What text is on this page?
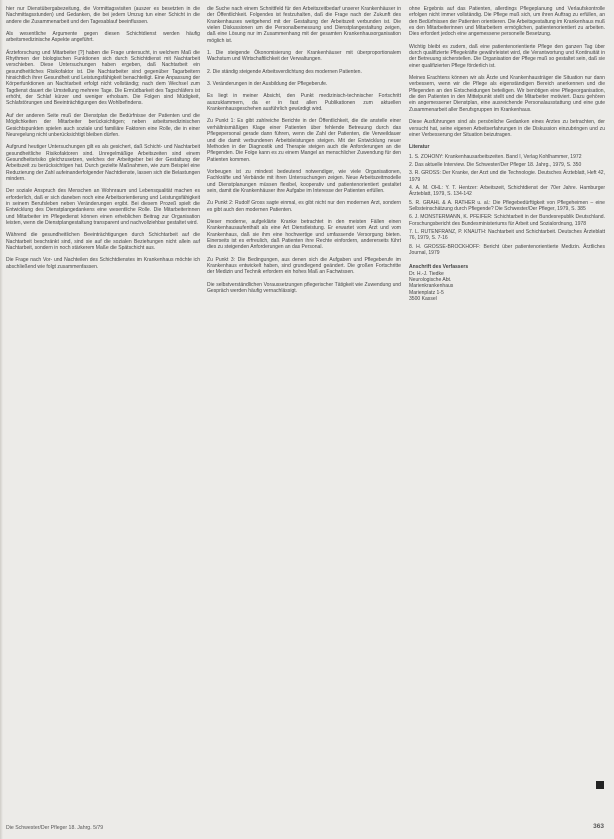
hier nur Dienstübergabezeitung, die Vormittagsvisiten (auszer es besetzten in die Nachmittagsstunden) und Gedanken, die bei jedem Umzug tun einer Schicht in die andere die Zusammenarbeit und den Tagesablauf beeinflussen.

Als wesentliche Argumente gegen diesen Schichtdienst werden häufig arbeitsmedizinische Aspekte angeführt.

Ärzteforschung und Mitarbeiter [?] haben die Frage untersucht, in welchem Maß die Rhythmen der biologischen Funktionen sich durch Schichtdienst mit Nachtarbeit verschieben. Diese Untersuchungen haben ergeben, daß Nachtarbeit ein gesundheitliches Risikofaktor ist. Die Nachtarbeiter sind gegenüber Tagarbeitern hinsichtlich ihrer Gesundheit und Leistungsfähigkeit benachteiligt. Eine Anpassung der Körperfunktionen an Nachtarbeit erfolgt nicht vollständig; nach dem Wechsel zum Tagdienst dauert die Umstellung mehrere Tage. Die Ermüdbarkeit des Tagschläfers ist erhöht, der Schlaf kürzer und weniger erholsam. Die Folgen sind Müdigkeit, Schlafstörungen und Beeinträchtigungen des Wohlbefindens.

Auf der anderen Seite muß der Dienstplan die Bedürfnisse der Patienten und die Möglichkeiten der Mitarbeiter berücksichtigen; neben arbeitsmedizinischen Gesichtspunkten spielen auch soziale und familiäre Faktoren eine Rolle, die in einer Neuregelung nicht unberücksichtigt bleiben dürfen.

Aufgrund heutiger Untersuchungen gilt es als gesichert, daß Schicht- und Nachtarbeit gesundheitliche Risikofaktoren sind. Unregelmäßige Arbeitszeiten sind einem Gesundheitsrisiko gleichzusetzen, welches der Arbeitgeber bei der Gestaltung der Arbeitszeit zu berücksichtigen hat. Durch gezielte Maßnahmen, wie zum Beispiel eine Reduzierung der Zahl aufeinanderfolgender Nachtdienste, lassen sich die Belastungen mindern.

Der soziale Anspruch des Menschen an Wohnraum und Lebensqualität machen es erforderlich, daß er sich daneben noch eine Arbeitsorientierung und Leistungsfähigkeit in seinem Berufsleben neben Veränderungen ergibt. Bei diesem Prozeß spielt die Entwicklung des Dienstplangedankens eine wesentliche Rolle. Die Mitarbeiterinnen und Mitarbeiter im Pflegedienst können einen erheblichen Beitrag zur Organisation leisten, wenn die Dienstplangestaltung transparent und nachvollziehbar gestaltet wird.

Während die gesundheitlichen Beeinträchtigungen durch Schichtarbeit auf die Nachtarbeit beschränkt sind, sind sie auf die sozialen Beziehungen nicht allein auf Nachtarbeit, sondern in noch stärkerem Maße die Spätschicht aus.

Die Frage nach Vor- und Nachteilen des Schichtdienstes im Krankenhaus möchte ich abschließend wie folgt zusammenfassen.

die Suche nach einem Schnittfeld für den Arbeitszeitbedarf unserer Krankenhäuser in der Öffentlichkeit. Folgendes ist festzuhalten, daß die Frage nach der Zukunft des Krankenhauses weitgehend mit der Gestaltung der Arbeitszeit verbunden ist. Die vielen Diskussionen um die Personalbemessung und Dienstplangestaltung zeigen, daß eine Lösung nur im Zusammenhang mit der gesamten Krankenhausorganisation möglich ist.

1. Die steigende Ökonomisierung der Krankenhäuser mit überproportionalem Wachstum und Wirtschaftlichkeit der Verwaltungen.

2. Die ständig steigende Arbeitsverdichtung des modernen Patienten.

3. Veränderungen in der Ausbildung der Pflegeberufe.

Es liegt in meiner Absicht, den Punkt medizinisch-technischer Fortschritt auszuklammern, da er in fast allen Publikationen zum aktuellen Krankenhausgeschehen ausführlich gewürdigt wird.

Zu Punkt 1: Es gibt zahlreiche Berichte in der Öffentlichkeit, die die anstelle einer verhältnismäßigen Klage einer Patienten über fehlende Betreuung durch das Pflegepersonal gerade dann führen, wenn die Zahl der Patienten, die Verweildauer und die damit verbundenen Arbeitsleistungen steigen. Mit der Entwicklung neuer Methoden in der Diagnostik und Therapie steigen auch die Anforderungen an die Pflegenden. Die Folge kann es zu einem Mangel an menschlicher Zuwendung für den Patienten kommen.

Vorbeugen ist zu mindest bedeutend notwendiger, wie viele Organisationen, Fachkräfte und Verbände mit ihren Untersuchungen zeigen. Neue Arbeitszeitmodelle und Dienstplanungen müssen flexibel, kooperativ und patientenorientiert gestaltet sein, damit die Krankenhäuser ihre Aufgabe im Interesse der Patienten erfüllen.

Zu Punkt 2: Rudolf Gross sagte einmal, es gibt nicht nur den modernen Arzt, sondern es gibt auch den modernen Patienten.

Dieser moderne, aufgeklärte Kranke betrachtet in den meisten Fällen einen Krankenhausaufenthalt als eine Art Dienstleistung. Er erwartet vom Arzt und vom Krankenhaus, daß sie ihm eine hochwertige und umfassende Versorgung bieten. Einerseits ist es erfreulich, daß Patienten ihre Rechte einfordern, andererseits führt dies zu steigenden Anforderungen an das Personal.

Zu Punkt 3: Die Bedingungen, aus denen sich die Aufgaben und Pflegeberufe im Krankenhaus entwickelt haben, sind grundlegend geändert. Die großen Fortschritte der Medizin und Technik erfordern ein hohes Maß an Fachwissen.

Die selbstverständlichen Voraussetzungen pflegerischer Tätigkeit wie Zuwendung und Gespräch werden häufig vernachlässigt.

ohne Ergebnis auf das Patienten, allerdings Pflegeplanung und Verlaufskontrolle erfolgen nicht immer vollständig. Die Pflege muß sich, um ihren Auftrag zu erfüllen, an den Bedürfnissen der Patienten orientieren. Die Arbeitsgestaltung im Krankenhaus muß es den Mitarbeiterinnen und Mitarbeitern ermöglichen, patientenorientiert zu arbeiten. Dies erfordert jedoch eine angemessene personelle Besetzung.

Wichtig bleibt es zudem, daß eine patientenorientierte Pflege den ganzen Tag über durch qualifizierte Pflegekräfte gewährleistet wird, die Verantwortung und Kontinuität in der Betreuung sicherstellen. Die Organisation der Pflege muß so gestaltet sein, daß sie einer qualifizierten Pflege förderlich ist.

Meines Erachtens können wir als Ärzte und Krankenhausträger die Situation nur dann verbessern, wenn wir die Pflege als eigenständigen Bereich anerkennen und die Pflegenden an den Entscheidungen beteiligen. Wir benötigen eine Pflegeorganisation, die den Patienten in den Mittelpunkt stellt und die Mitarbeiter motiviert. Dazu gehören ein angemessener Dienstplan, eine ausreichende Personalausstattung und eine gute Zusammenarbeit aller Berufsgruppen im Krankenhaus.

Diese Ausführungen sind als persönliche Gedanken eines Arztes zu betrachten, der versucht hat, seine eigenen Arbeitserfahrungen in die Diskussion einzubringen und zu einer Verbesserung der Situation beizutragen.

Literatur
1. S. ZOHONY: Krankenhausarbeitszeiten. Band I, Verlag Kohlhammer, 1972
2. Das aktuelle Interview. Die Schwester/Der Pfleger 18. Jahrg., 1979, S. 350
3. R. GROSS: Der Kranke, der Arzt und die Technologie. Deutsches Ärzteblatt, Heft 42, 1979
4. A. M. OHL: Y. T. Hentzer: Arbeitszeit, Schichtdienst der 70er Jahre. Hamburger Ärzteblatt, 1979, S. 134-142
5. R. GRAHL & A. RATHER u. al.: Die Pflegebedürftigkeit von Pflegeheimen – eine Selbsteinschätzung durch Pflegende? Die Schwester/Der Pfleger, 1979, S. 385
6. J. MONSTERMANN, K. PFEIFER: Schichtarbeit in der Bundesrepublik Deutschland. Forschungsbericht des Bundesministeriums für Arbeit und Sozialordnung, 1978
7. L. RUTENFRANZ, P. KNAUTH: Nachtarbeit und Schichtarbeit. Deutsches Ärzteblatt 76, 1979, S. 7-16
8. H. GROSSE-BROCKHOFF: Bericht über patientenorientierte Medizin. Ärztliches Journal, 1979
Anschrift des Verfassers
Dr. H.-J. Tiedke
Neurologische Abt.
Marienkrankenhaus
Marienplatz 1-5
3500 Kassel
Die Schwester/Der Pfleger 18. Jahrg. 5/79	363
